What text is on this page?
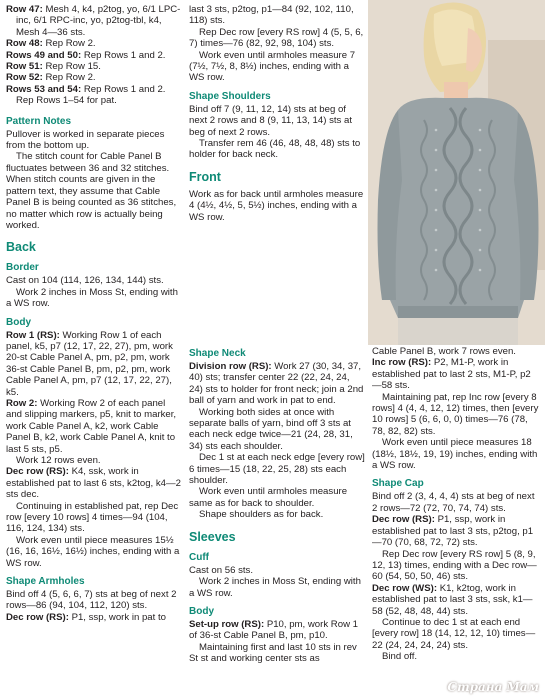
Row 47: Mesh 4, k4, p2tog, yo, 6/1 LPC-inc, 6/1 RPC-inc, yo, p2tog-tbl, k4, Mesh 4—36 sts.

Row 48: Rep Row 2.

Rows 49 and 50: Rep Rows 1 and 2.

Row 51: Rep Row 15.

Row 52: Rep Row 2.

Rows 53 and 54: Rep Rows 1 and 2.

Rep Rows 1–54 for pat.

Pattern Notes

Pullover is worked in separate pieces from the bottom up.

The stitch count for Cable Panel B fluctuates between 36 and 32 stitches. When stitch counts are given in the pattern text, they assume that Cable Panel B is being counted as 36 stitches, no matter which row is actually being worked.

Back
Border

Cast on 104 (114, 126, 134, 144) sts.

Work 2 inches in Moss St, ending with a WS row.

Body

Row 1 (RS): Working Row 1 of each panel, k5, p7 (12, 17, 22, 27), pm, work 20-st Cable Panel A, pm, p2, pm, work 36-st Cable Panel B, pm, p2, pm, work Cable Panel A, pm, p7 (12, 17, 22, 27), k5.

Row 2: Working Row 2 of each panel and slipping markers, p5, knit to marker, work Cable Panel A, k2, work Cable Panel B, k2, work Cable Panel A, knit to last 5 sts, p5.

Work 12 rows even.

Dec row (RS): K4, ssk, work in established pat to last 6 sts, k2tog, k4—2 sts dec.

Continuing in established pat, rep Dec row [every 10 rows] 4 times—94 (104, 116, 124, 134) sts.

Work even until piece measures 15½ (16, 16, 16½, 16½) inches, ending with a WS row.

Shape Armholes

Bind off 4 (5, 6, 6, 7) sts at beg of next 2 rows—86 (94, 104, 112, 120) sts.

Dec row (RS): P1, ssp, work in pat to

last 3 sts, p2tog, p1—84 (92, 102, 110, 118) sts.

Rep Dec row [every RS row] 4 (5, 5, 6, 7) times—76 (82, 92, 98, 104) sts.

Work even until armholes measure 7 (7½, 7½, 8, 8½) inches, ending with a WS row.

Shape Shoulders

Bind off 7 (9, 11, 12, 14) sts at beg of next 2 rows and 8 (9, 11, 13, 14) sts at beg of next 2 rows.

Transfer rem 46 (46, 48, 48, 48) sts to holder for back neck.

Front

Work as for back until armholes measure 4 (4½, 4½, 5, 5½) inches, ending with a WS row.

Shape Neck

Division row (RS): Work 27 (30, 34, 37, 40) sts; transfer center 22 (22, 24, 24, 24) sts to holder for front neck; join a 2nd ball of yarn and work in pat to end.

Working both sides at once with separate balls of yarn, bind off 3 sts at each neck edge twice—21 (24, 28, 31, 34) sts each shoulder.

Dec 1 st at each neck edge [every row] 6 times—15 (18, 22, 25, 28) sts each shoulder.

Work even until armholes measure same as for back to shoulder.

Shape shoulders as for back.

Sleeves
Cuff

Cast on 56 sts.

Work 2 inches in Moss St, ending with a WS row.

Body

Set-up row (RS): P10, pm, work Row 1 of 36-st Cable Panel B, pm, p10.

Maintaining first and last 10 sts in rev St st and working center sts as

Cable Panel B, work 7 rows even.

Inc row (RS): P2, M1-P, work in established pat to last 2 sts, M1-P, p2—58 sts.

Maintaining pat, rep Inc row [every 8 rows] 4 (4, 4, 12, 12) times, then [every 10 rows] 5 (6, 6, 0, 0) times—76 (78, 78, 82, 82) sts.

Work even until piece measures 18 (18½, 18½, 19, 19) inches, ending with a WS row.

Shape Cap

Bind off 2 (3, 4, 4, 4) sts at beg of next 2 rows—72 (72, 70, 74, 74) sts.

Dec row (RS): P1, ssp, work in established pat to last 3 sts, p2tog, p1—70 (70, 68, 72, 72) sts.

Rep Dec row [every RS row] 5 (8, 9, 12, 13) times, ending with a Dec row—60 (54, 50, 50, 46) sts.

Dec row (WS): K1, k2tog, work in established pat to last 3 sts, ssk, k1—58 (52, 48, 48, 44) sts.

Continue to dec 1 st at each end [every row] 18 (14, 12, 12, 10) times—22 (24, 24, 24, 24) sts.

Bind off.

Страна Мам
